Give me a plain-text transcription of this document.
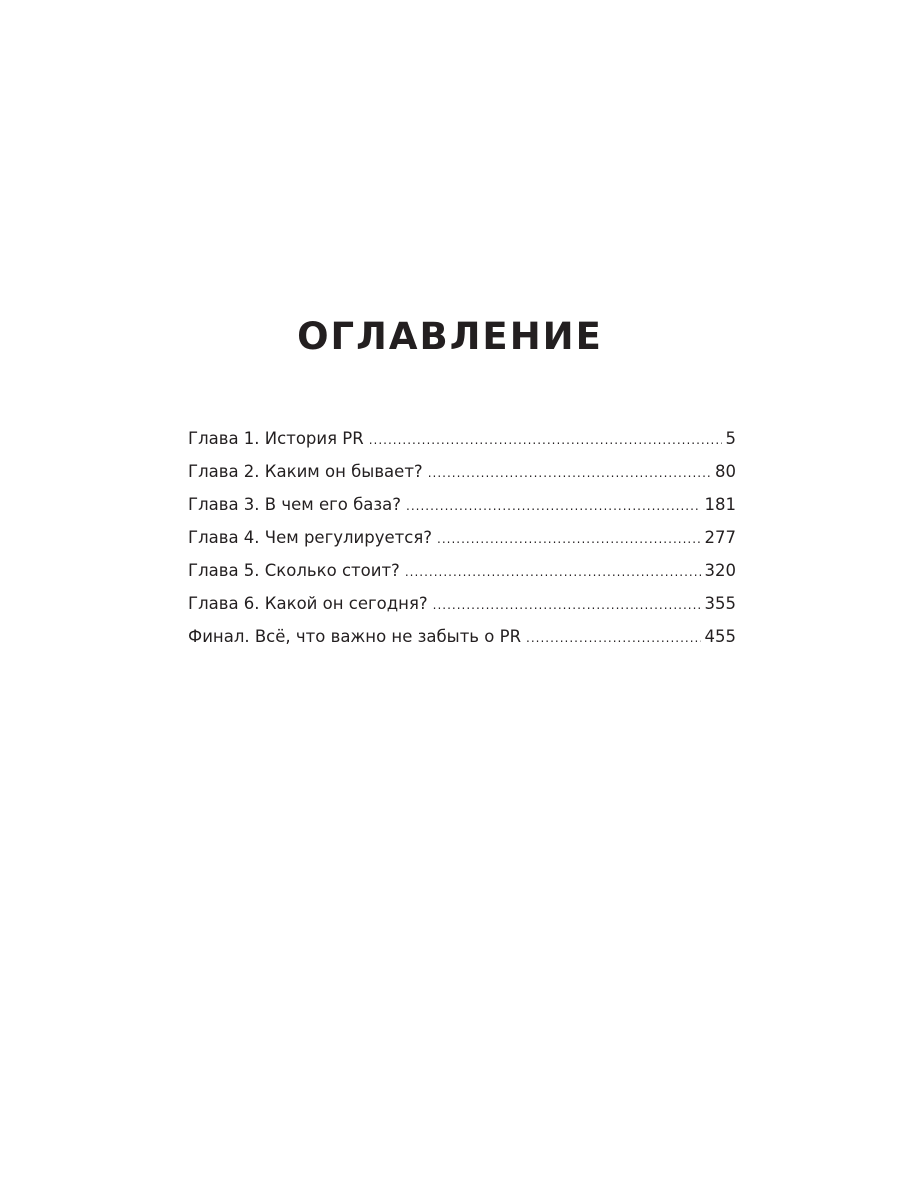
ОГЛАВЛЕНИЕ
Глава 1. История PR .....	5
Глава 2. Каким он бывает? .....	80
Глава 3. В чем его база? .....	181
Глава 4. Чем регулируется? .....	277
Глава 5. Сколько стоит? .....	320
Глава 6. Какой он сегодня? .....	355
Финал. Всё, что важно не забыть о PR .....	455
